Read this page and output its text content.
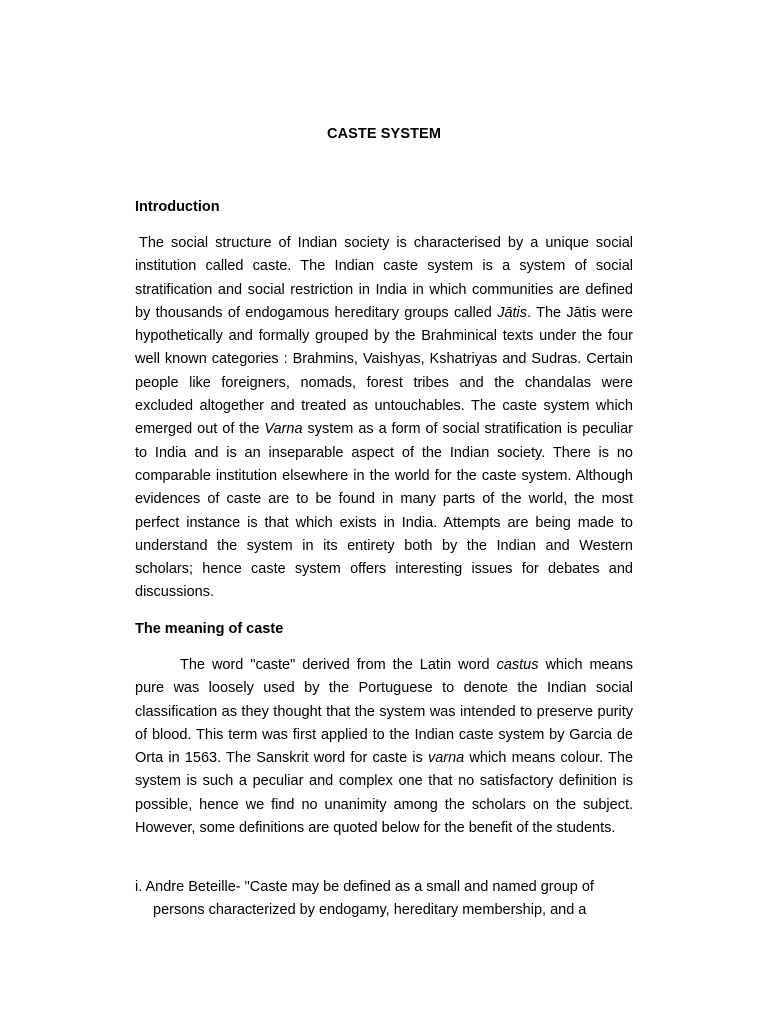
CASTE SYSTEM
Introduction

The social structure of Indian society is characterised by a unique social institution called caste. The Indian caste system is a system of social stratification and social restriction in India in which communities are defined by thousands of endogamous hereditary groups called Jātis. The Jātis were hypothetically and formally grouped by the Brahminical texts under the four well known categories : Brahmins, Vaishyas, Kshatriyas and Sudras. Certain people like foreigners, nomads, forest tribes and the chandalas were excluded altogether and treated as untouchables. The caste system which emerged out of the Varna system as a form of social stratification is peculiar to India and is an inseparable aspect of the Indian society. There is no comparable institution elsewhere in the world for the caste system. Although evidences of caste are to be found in many parts of the world, the most perfect instance is that which exists in India. Attempts are being made to understand the system in its entirety both by the Indian and Western scholars; hence caste system offers interesting issues for debates and discussions.

The meaning of caste

The word "caste" derived from the Latin word castus which means pure was loosely used by the Portuguese to denote the Indian social classification as they thought that the system was intended to preserve purity of blood. This term was first applied to the Indian caste system by Garcia de Orta in 1563. The Sanskrit word for caste is varna which means colour. The system is such a peculiar and complex one that no satisfactory definition is possible, hence we find no unanimity among the scholars on the subject. However, some definitions are quoted below for the benefit of the students.

i. Andre Beteille- "Caste may be defined as a small and named group of
persons characterized by endogamy, hereditary membership, and a
